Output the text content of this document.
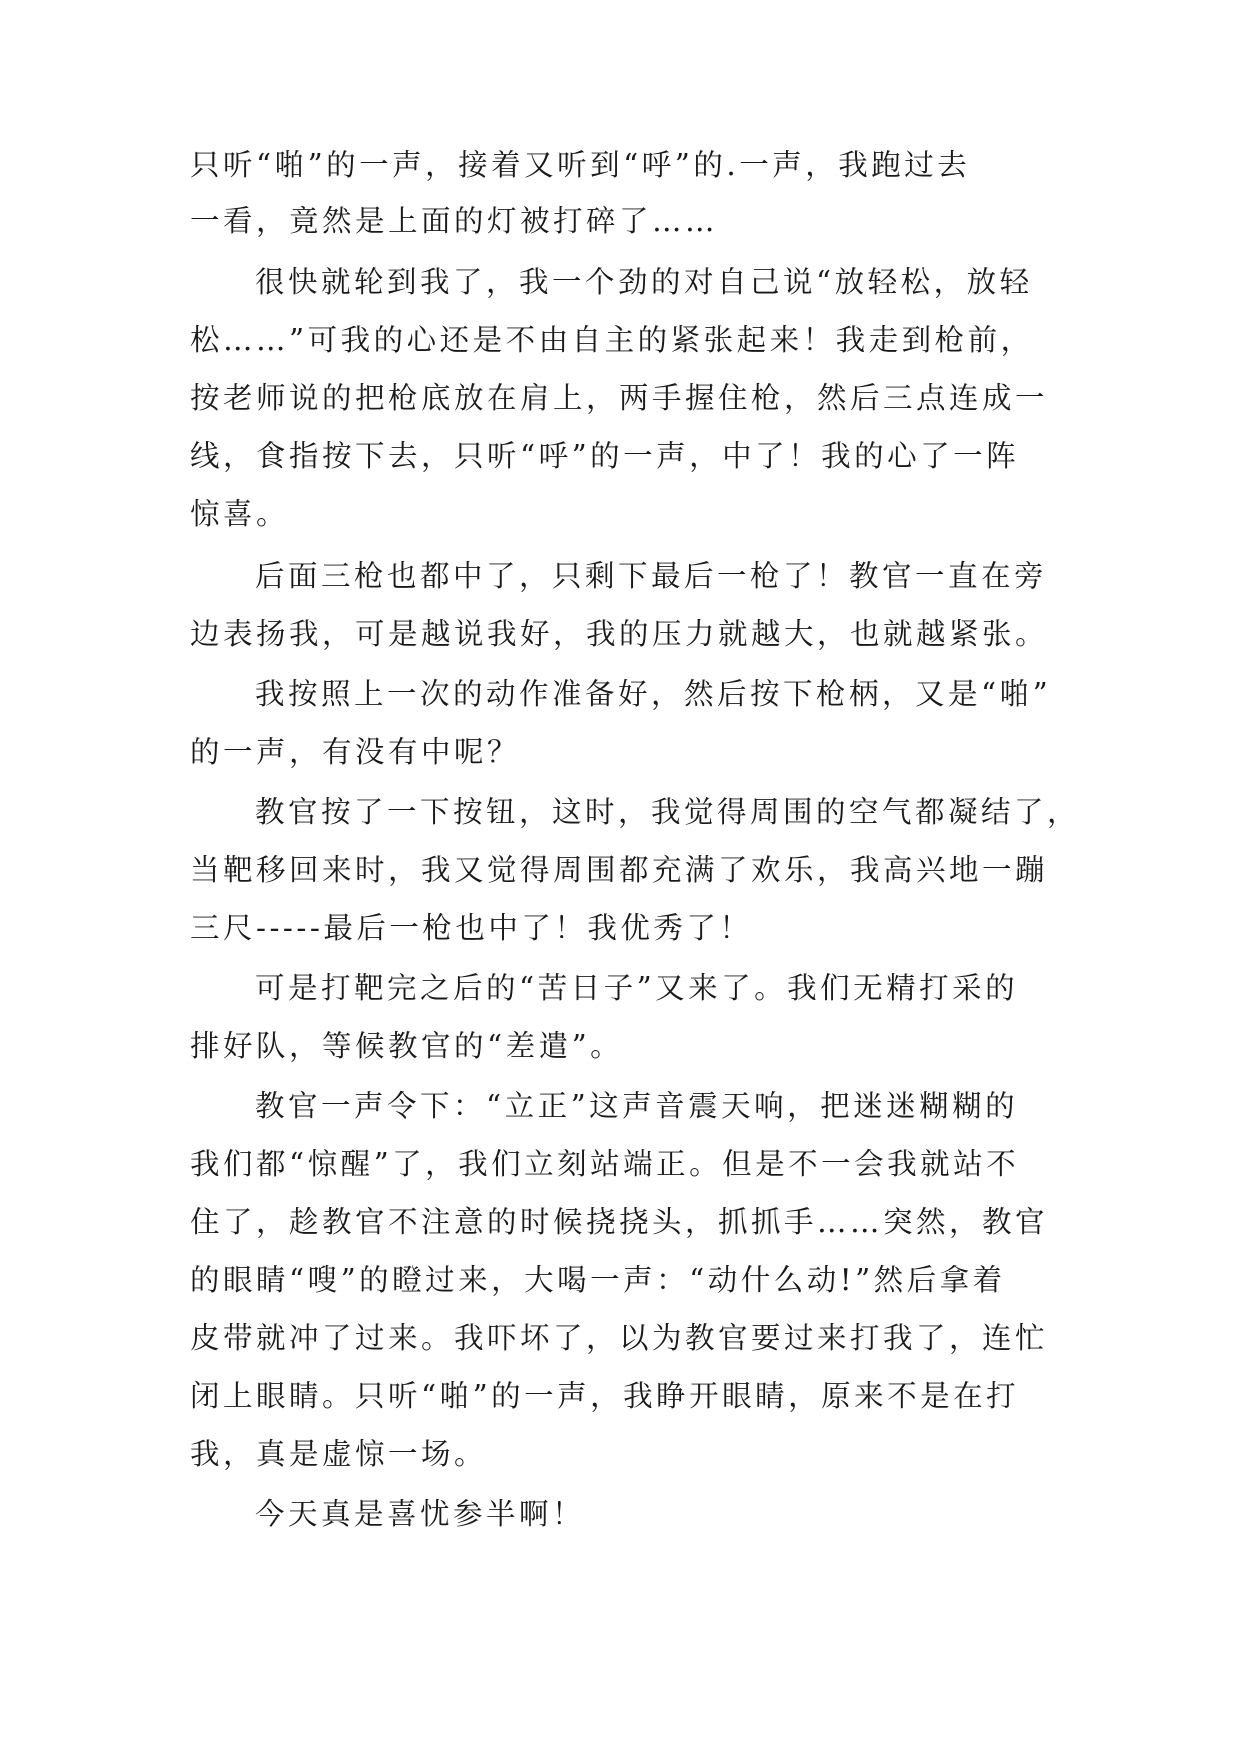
只听“啪”的一声，接着又听到“呼”的.一声，我跑过去
一看，竟然是上面的灯被打碎了……
很快就轮到我了，我一个劲的对自己说“放轻松，放轻
松……”可我的心还是不由自主的紧张起来！我走到枪前，
按老师说的把枪底放在肩上，两手握住枪，然后三点连成一
线，食指按下去，只听“呼”的一声，中了！我的心了一阵
惊喜。
后面三枪也都中了，只剩下最后一枪了！教官一直在旁
边表扬我，可是越说我好，我的压力就越大，也就越紧张。
我按照上一次的动作准备好，然后按下枪柄，又是“啪”
的一声，有没有中呢？
教官按了一下按钮，这时，我觉得周围的空气都凝结了，
当靶移回来时，我又觉得周围都充满了欢乐，我高兴地一蹦
三尺-----最后一枪也中了！我优秀了！
可是打靶完之后的“苦日子”又来了。我们无精打采的
排好队，等候教官的“差遣”。
教官一声令下：“立正”这声音震天响，把迷迷糊糊的
我们都“惊醒”了，我们立刻站端正。但是不一会我就站不
住了，趁教官不注意的时候挠挠头，抓抓手……突然，教官
的眼睛“嗖”的瞪过来，大喝一声：“动什么动!”然后拿着
皮带就冲了过来。我吓坏了，以为教官要过来打我了，连忙
闭上眼睛。只听“啪”的一声，我睁开眼睛，原来不是在打
我，真是虚惊一场。
今天真是喜忧参半啊！
